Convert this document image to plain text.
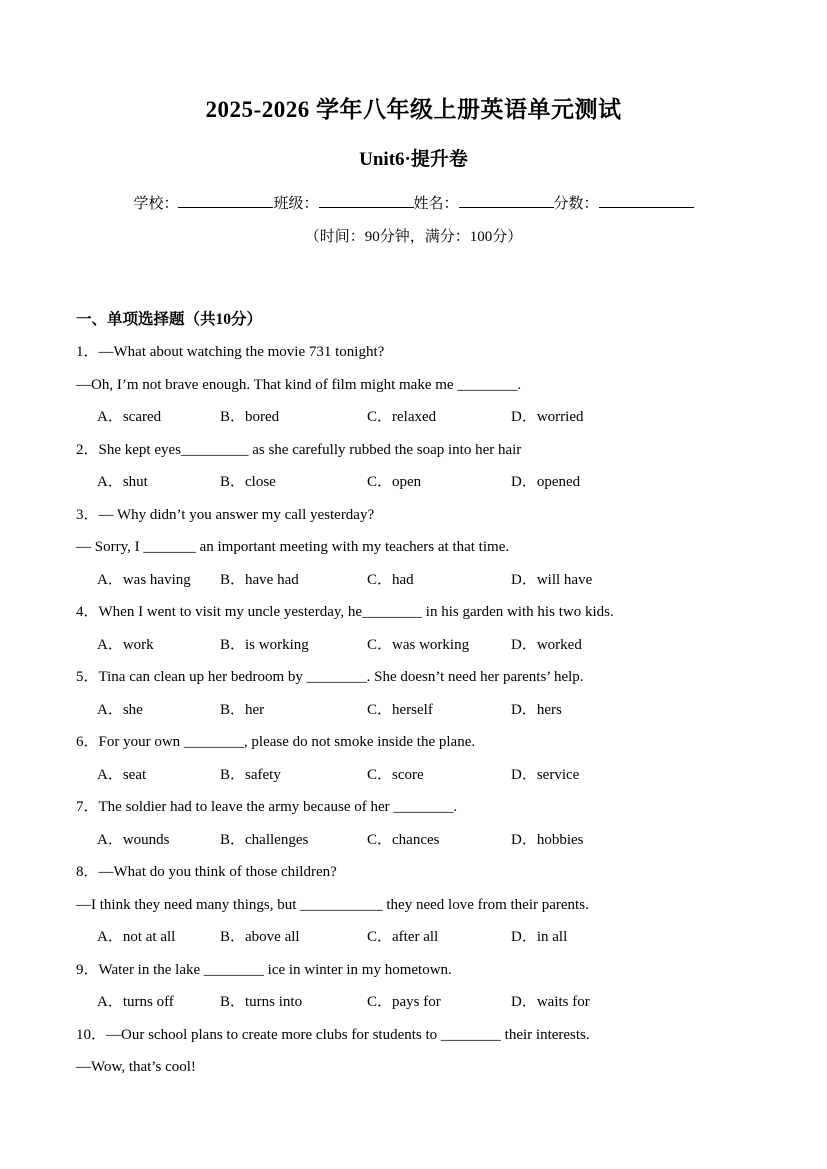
2025-2026 学年八年级上册英语单元测试
Unit6·提升卷
学校：	班级：	姓名：	分数：
（时间：90分钟，满分：100分）
一、单项选择题（共10分）
1．—What about watching the movie 731 tonight?
—Oh, I’m not brave enough. That kind of film might make me ________.
A．scared	B．bored	C．relaxed	D．worried
2．She kept eyes_________ as she carefully rubbed the soap into her hair
A．shut	B．close	C．open	D．opened
3．— Why didn’t you answer my call yesterday?
— Sorry, I _______ an important meeting with my teachers at that time.
A．was having	B．have had	C．had	D．will have
4．When I went to visit my uncle yesterday, he________ in his garden with his two kids.
A．work	B．is working	C．was working	D．worked
5．Tina can clean up her bedroom by ________. She doesn’t need her parents’ help.
A．she	B．her	C．herself	D．hers
6．For your own ________, please do not smoke inside the plane.
A．seat	B．safety	C．score	D．service
7．The soldier had to leave the army because of her ________.
A．wounds	B．challenges	C．chances	D．hobbies
8．—What do you think of those children?
—I think they need many things, but ___________ they need love from their parents.
A．not at all	B．above all	C．after all	D．in all
9．Water in the lake ________ ice in winter in my hometown.
A．turns off	B．turns into	C．pays for	D．waits for
10．—Our school plans to create more clubs for students to ________ their interests.
—Wow, that’s cool!
